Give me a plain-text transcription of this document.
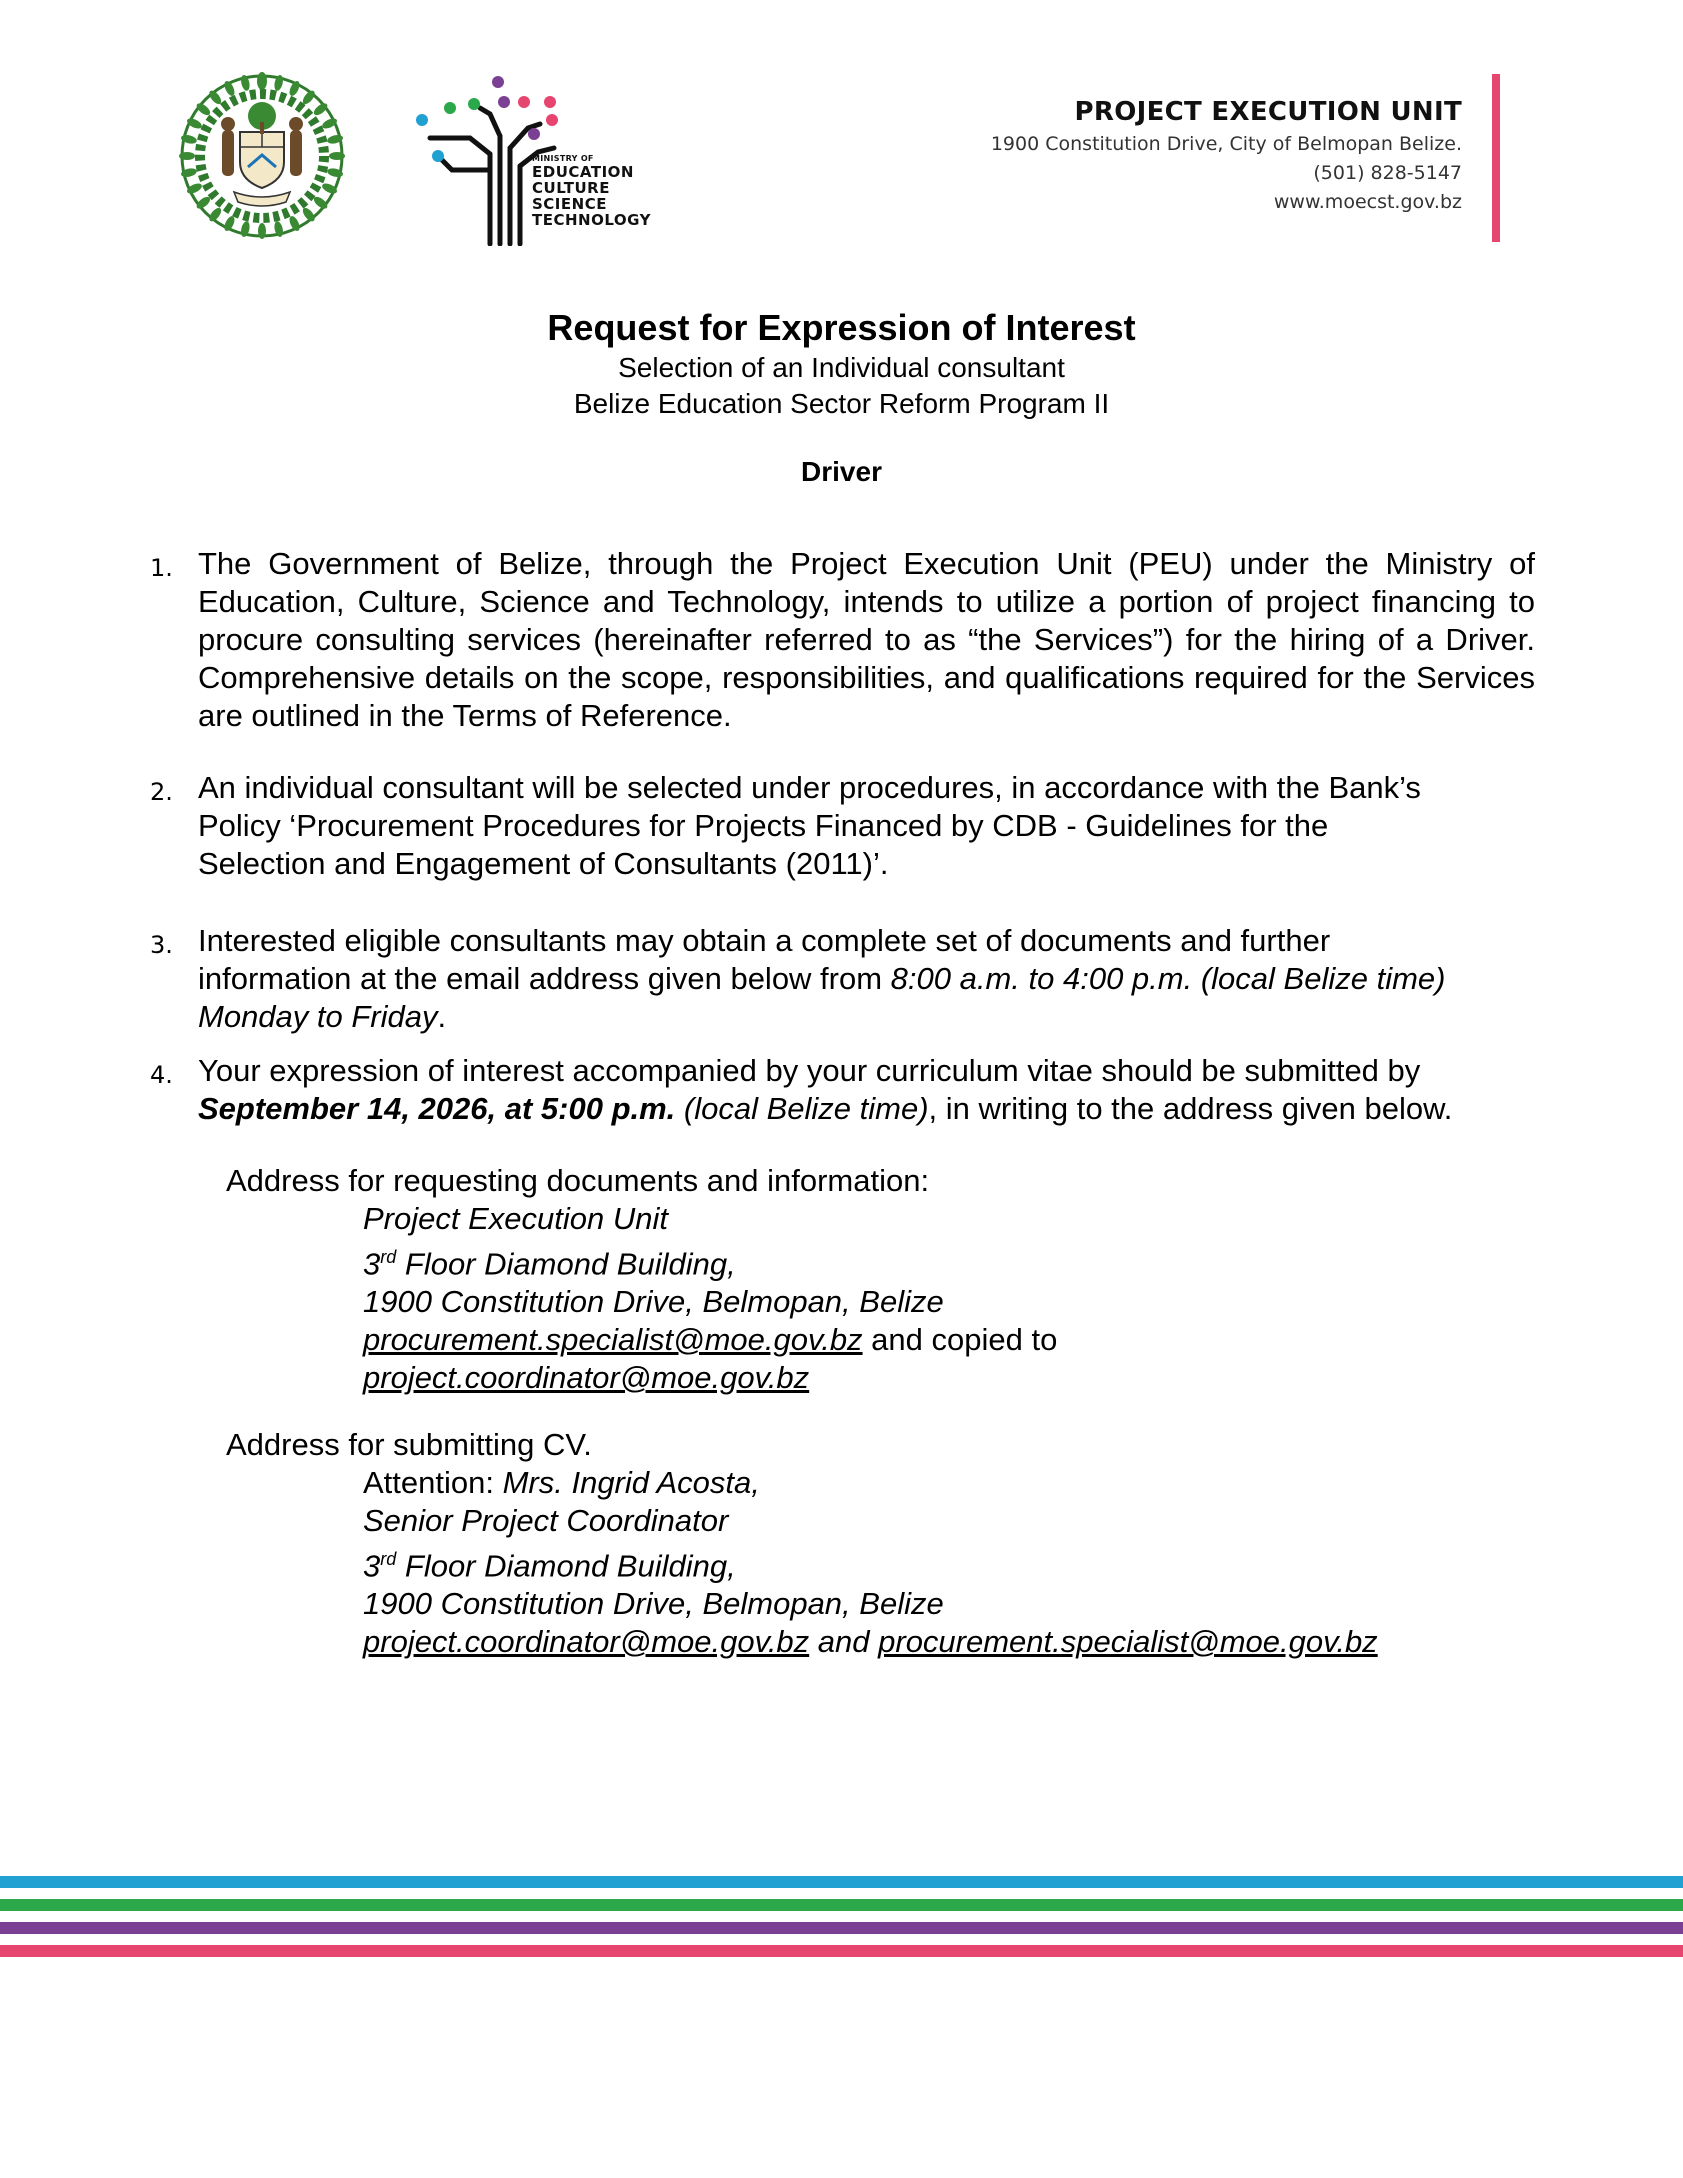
MINISTRY OF
EDUCATION
CULTURE
SCIENCE
TECHNOLOGY
PROJECT EXECUTION UNIT
1900 Constitution Drive, City of Belmopan Belize.
(501) 828-5147
www.moecst.gov.bz
Request for Expression of Interest
Selection of an Individual consultant
Belize Education Sector Reform Program II
Driver
1. The Government of Belize, through the Project Execution Unit (PEU) under the Ministry of Education, Culture, Science and Technology, intends to utilize a portion of project financing to procure consulting services (hereinafter referred to as “the Services”) for the hiring of a Driver. Comprehensive details on the scope, responsibilities, and qualifications required for the Services are outlined in the Terms of Reference.
2. An individual consultant will be selected under procedures, in accordance with the Bank’s
Policy ‘Procurement Procedures for Projects Financed by CDB - Guidelines for the
Selection and Engagement of Consultants (2011)’.
3. Interested eligible consultants may obtain a complete set of documents and further
information at the email address given below from 8:00 a.m. to 4:00 p.m. (local Belize time)
Monday to Friday.
4. Your expression of interest accompanied by your curriculum vitae should be submitted by
September 14, 2026, at 5:00 p.m. (local Belize time), in writing to the address given below.
Address for requesting documents and information:
Project Execution Unit
3rd Floor Diamond Building,
1900 Constitution Drive, Belmopan, Belize
procurement.specialist@moe.gov.bz and copied to
project.coordinator@moe.gov.bz
Address for submitting CV.
Attention: Mrs. Ingrid Acosta,
Senior Project Coordinator
3rd Floor Diamond Building,
1900 Constitution Drive, Belmopan, Belize
project.coordinator@moe.gov.bz and procurement.specialist@moe.gov.bz
